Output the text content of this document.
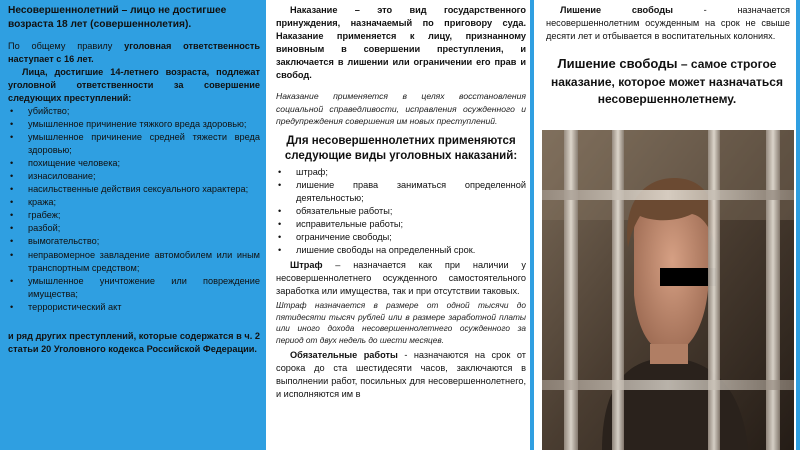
Несовершеннолетний – лицо не достигшее возраста 18 лет (совершеннолетия).

По общему правилу уголовная ответственность наступает с 16 лет.

Лица, достигшие 14-летнего возраста, подлежат уголовной ответственности за совершение следующих преступлений:

• убийство;
• умышленное причинение тяжкого вреда здоровью;
• умышленное причинение средней тяжести вреда здоровью;
• похищение человека;
• изнасилование;
• насильственные действия сексуального характера;
• кража;
• грабеж;
• разбой;
• вымогательство;
• неправомерное завладение автомобилем или иным транспортным средством;
• умышленное уничтожение или повреждение имущества;
• террористический акт

и ряд других преступлений, которые содержатся в ч. 2 статьи 20 Уголовного кодекса Российской Федерации.

Наказание – это вид государственного принуждения, назначаемый по приговору суда. Наказание применяется к лицу, признанному виновным в совершении преступления, и заключается в лишении или ограничении его прав и свобод.

Наказание применяется в целях восстановления социальной справедливости, исправления осужденного и предупреждения совершения им новых преступлений.

Для несовершеннолетних применяются следующие виды уголовных наказаний:

• штраф;
• лишение права заниматься определенной деятельностью;
• обязательные работы;
• исправительные работы;
• ограничение свободы;
• лишение свободы на определенный срок.

Штраф – назначается как при наличии у несовершеннолетнего осужденного самостоятельного заработка или имущества, так и при отсутствии таковых.

Штраф назначается в размере от одной тысячи до пятидесяти тысяч рублей или в размере заработной платы или иного дохода несовершеннолетнего осужденного за период от двух недель до шести месяцев.

Обязательные работы - назначаются на срок от сорока до ста шестидесяти часов, заключаются в выполнении работ, посильных для несовершеннолетнего, и исполняются им в

Лишение свободы - назначается несовершеннолетним осужденным на срок не свыше десяти лет и отбывается в воспитательных колониях.

Лишение свободы – самое строгое наказание, которое может назначаться несовершеннолетнему.
